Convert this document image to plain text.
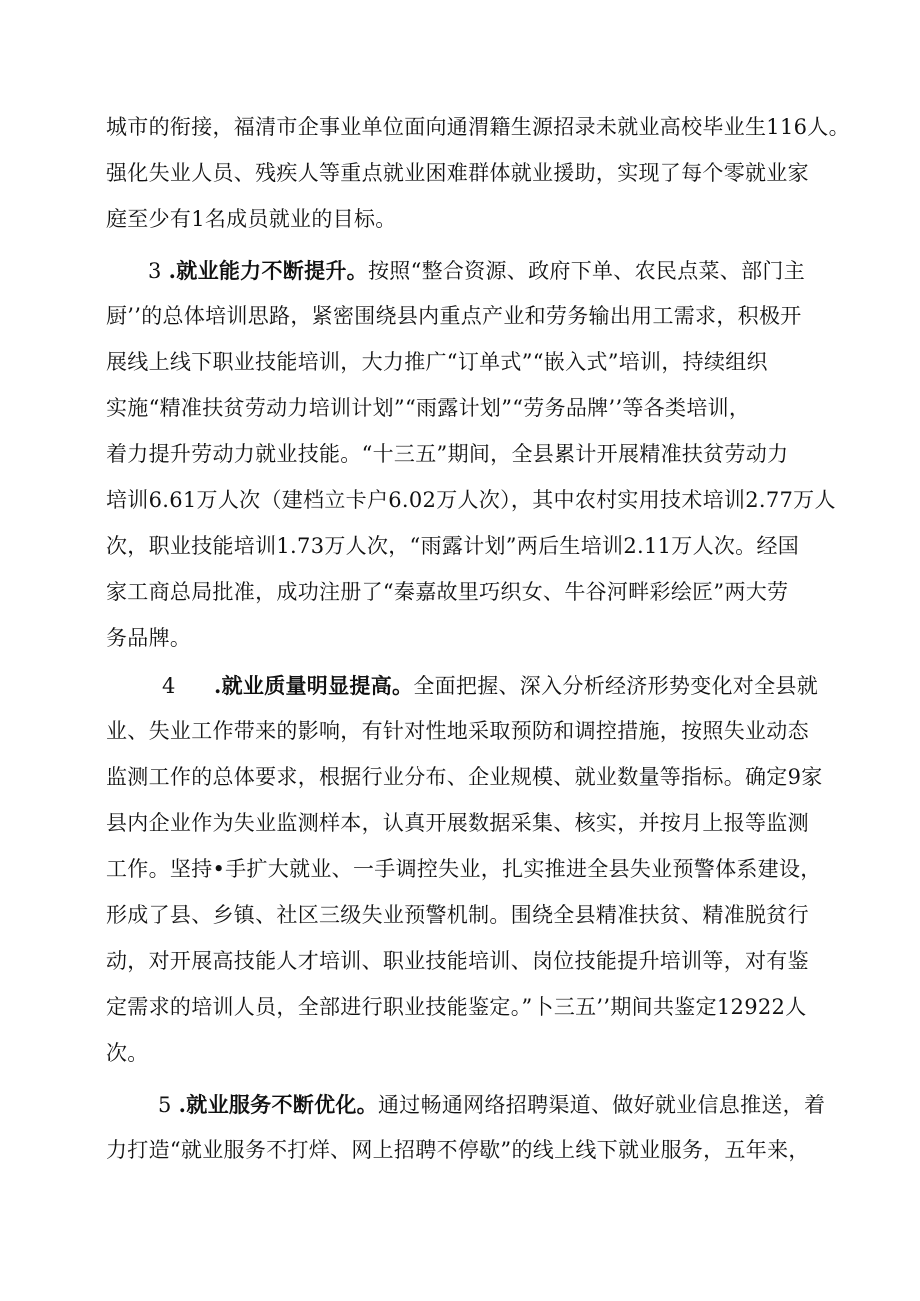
城市的衔接，福清市企事业单位面向通渭籍生源招录未就业高校毕业生116人。
强化失业人员、残疾人等重点就业困难群体就业援助，实现了每个零就业家
庭至少有1名成员就业的目标。
3 .就业能力不断提升。按照“整合资源、政府下单、农民点菜、部门主
厨’’的总体培训思路，紧密围绕县内重点产业和劳务输出用工需求，积极开
展线上线下职业技能培训，大力推广“订单式”“嵌入式”培训，持续组织
实施“精准扶贫劳动力培训计划”“雨露计划”“劳务品牌’’等各类培训，
着力提升劳动力就业技能。“十三五”期间，全县累计开展精准扶贫劳动力
培训6.61万人次（建档立卡户6.02万人次），其中农村实用技术培训2.77万人
次，职业技能培训1.73万人次，“雨露计划”两后生培训2.11万人次。经国
家工商总局批准，成功注册了“秦嘉故里巧织女、牛谷河畔彩绘匠”两大劳
务品牌。
4 .就业质量明显提高。全面把握、深入分析经济形势变化对全县就
业、失业工作带来的影响，有针对性地采取预防和调控措施，按照失业动态
监测工作的总体要求，根据行业分布、企业规模、就业数量等指标。确定9家
县内企业作为失业监测样本，认真开展数据采集、核实，并按月上报等监测
工作。坚持•手扩大就业、一手调控失业，扎实推进全县失业预警体系建设，
形成了县、乡镇、社区三级失业预警机制。围绕全县精准扶贫、精准脱贫行
动，对开展高技能人才培训、职业技能培训、岗位技能提升培训等，对有鉴
定需求的培训人员，全部进行职业技能鉴定。”卜三五’’期间共鉴定12922人
次。
5 .就业服务不断优化。通过畅通网络招聘渠道、做好就业信息推送，着
力打造“就业服务不打烊、网上招聘不停歇”的线上线下就业服务，五年来，
